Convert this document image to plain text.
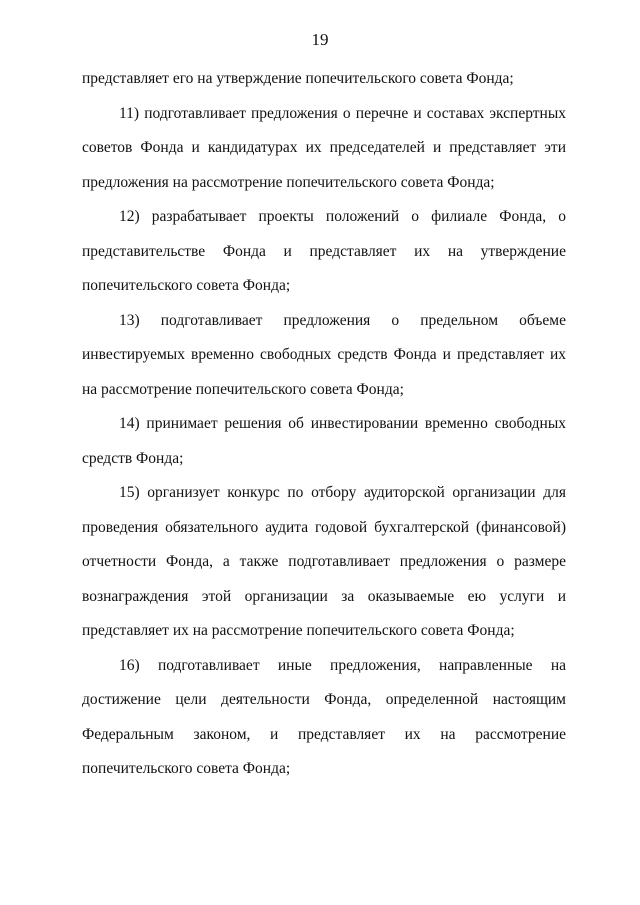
19

представляет его на утверждение попечительского совета Фонда;

11) подготавливает предложения о перечне и составах экспертных советов Фонда и кандидатурах их председателей и представляет эти предложения на рассмотрение попечительского совета Фонда;

12) разрабатывает проекты положений о филиале Фонда, о представительстве Фонда и представляет их на утверждение попечительского совета Фонда;

13) подготавливает предложения о предельном объеме инвестируемых временно свободных средств Фонда и представляет их на рассмотрение попечительского совета Фонда;

14) принимает решения об инвестировании временно свободных средств Фонда;

15) организует конкурс по отбору аудиторской организации для проведения обязательного аудита годовой бухгалтерской (финансовой) отчетности Фонда, а также подготавливает предложения о размере вознаграждения этой организации за оказываемые ею услуги и представляет их на рассмотрение попечительского совета Фонда;

16) подготавливает иные предложения, направленные на достижение цели деятельности Фонда, определенной настоящим Федеральным законом, и представляет их на рассмотрение попечительского совета Фонда;
